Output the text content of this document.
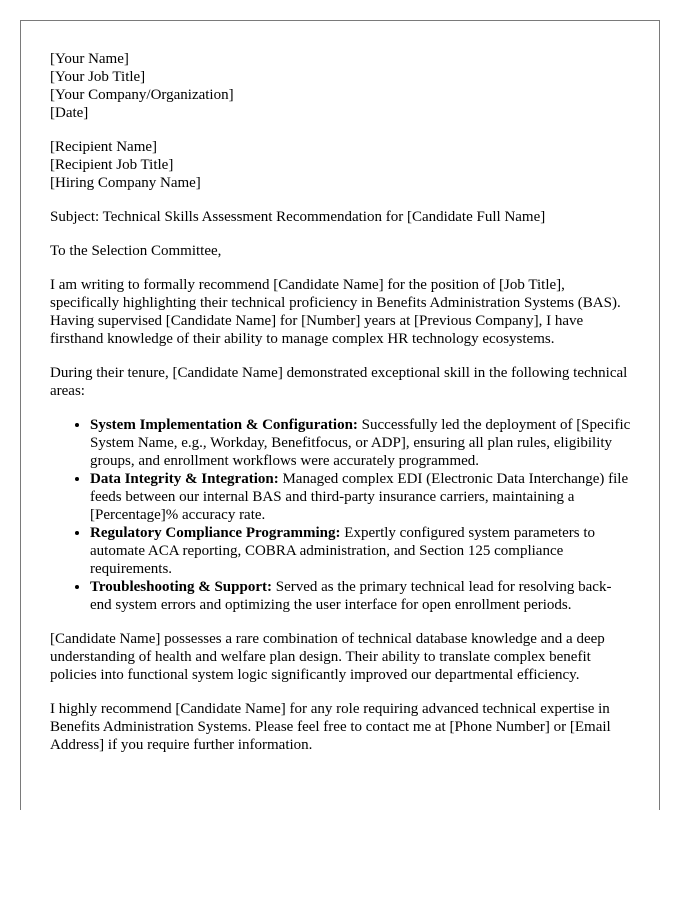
[Your Name]

[Your Job Title]

[Your Company/Organization]

[Date]

[Recipient Name]

[Recipient Job Title]

[Hiring Company Name]

Subject: Technical Skills Assessment Recommendation for [Candidate Full Name]

To the Selection Committee,

I am writing to formally recommend [Candidate Name] for the position of [Job Title], specifically highlighting their technical proficiency in Benefits Administration Systems (BAS). Having supervised [Candidate Name] for [Number] years at [Previous Company], I have firsthand knowledge of their ability to manage complex HR technology ecosystems.

During their tenure, [Candidate Name] demonstrated exceptional skill in the following technical areas:

• System Implementation & Configuration: Successfully led the deployment of [Specific System Name, e.g., Workday, Benefitfocus, or ADP], ensuring all plan rules, eligibility groups, and enrollment workflows were accurately programmed.
• Data Integrity & Integration: Managed complex EDI (Electronic Data Interchange) file feeds between our internal BAS and third-party insurance carriers, maintaining a [Percentage]% accuracy rate.
• Regulatory Compliance Programming: Expertly configured system parameters to automate ACA reporting, COBRA administration, and Section 125 compliance requirements.
• Troubleshooting & Support: Served as the primary technical lead for resolving back-end system errors and optimizing the user interface for open enrollment periods.

[Candidate Name] possesses a rare combination of technical database knowledge and a deep understanding of health and welfare plan design. Their ability to translate complex benefit policies into functional system logic significantly improved our departmental efficiency.

I highly recommend [Candidate Name] for any role requiring advanced technical expertise in Benefits Administration Systems. Please feel free to contact me at [Phone Number] or [Email Address] if you require further information.
